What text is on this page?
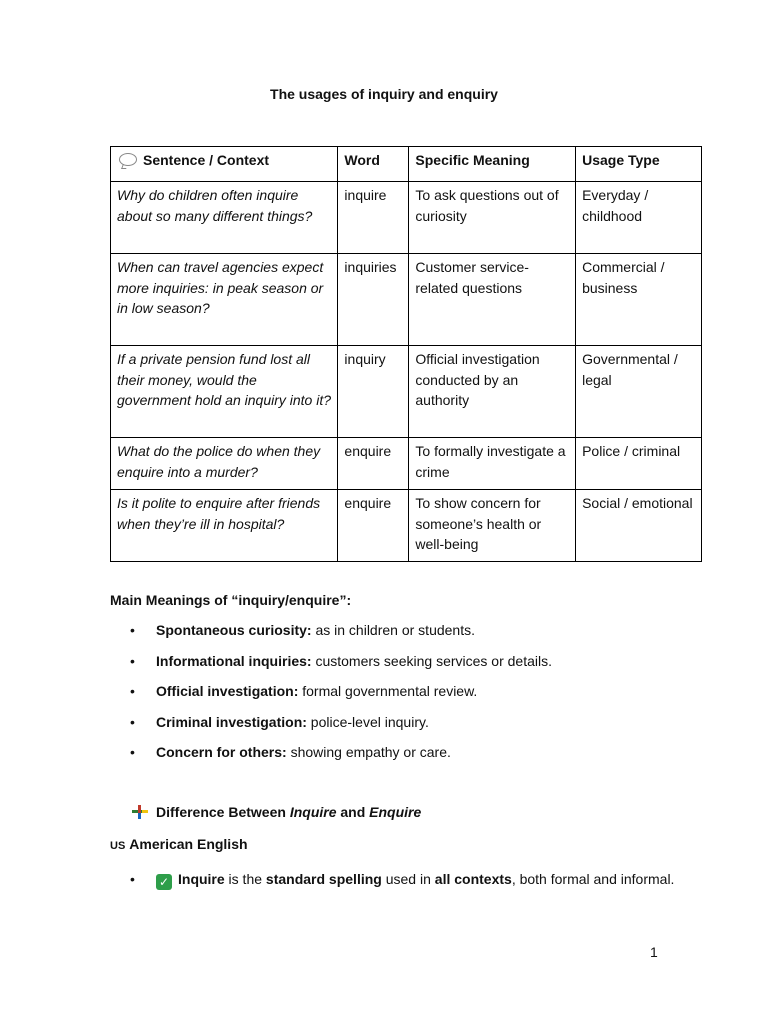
The usages of inquiry and enquiry
Sentence / Context	Word	Specific Meaning	Usage Type
Why do children often inquire about so many different things?	inquire	To ask questions out of curiosity	Everyday / childhood
When can travel agencies expect more inquiries: in peak season or in low season?	inquiries	Customer service-related questions	Commercial / business
If a private pension fund lost all their money, would the government hold an inquiry into it?	inquiry	Official investigation conducted by an authority	Governmental / legal
What do the police do when they enquire into a murder?	enquire	To formally investigate a crime	Police / criminal
Is it polite to enquire after friends when they’re ill in hospital?	enquire	To show concern for someone’s health or well-being	Social / emotional
Main Meanings of “inquiry/enquire”:
• Spontaneous curiosity: as in children or students.
• Informational inquiries: customers seeking services or details.
• Official investigation: formal governmental review.
• Criminal investigation: police-level inquiry.
• Concern for others: showing empathy or care.
Difference Between Inquire and Enquire
US American English
•	✓ Inquire is the standard spelling used in all contexts, both formal and informal.
1
